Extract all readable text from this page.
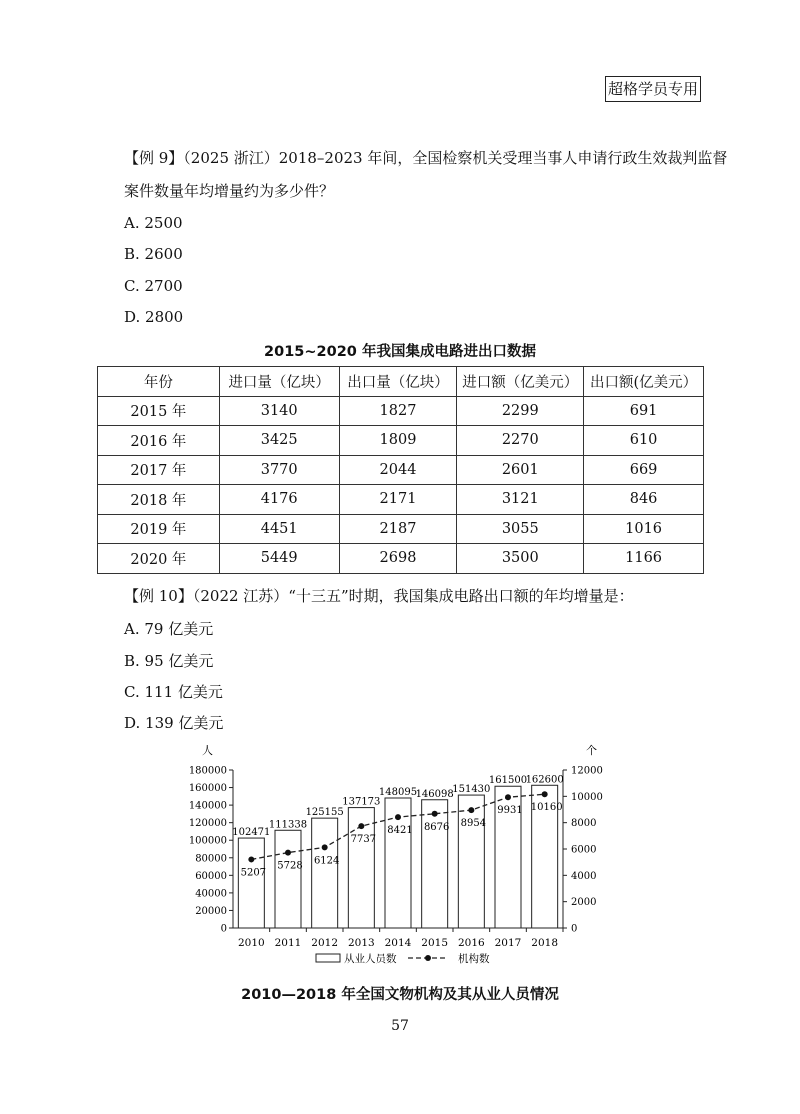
超格学员专用
【例 9】（2025 浙江）2018–2023 年间，全国检察机关受理当事人申请行政生效裁判监督
案件数量年均增量约为多少件？
A. 2500
B. 2600
C. 2700
D. 2800
2015~2020 年我国集成电路进出口数据
年份	进口量（亿块）	出口量（亿块）	进口额（亿美元）	出口额(亿美元）
2015 年	3140	1827	2299	691
2016 年	3425	1809	2270	610
2017 年	3770	2044	2601	669
2018 年	4176	2171	3121	846
2019 年	4451	2187	3055	1016
2020 年	5449	2698	3500	1166
【例 10】（2022 江苏）“十三五”时期，我国集成电路出口额的年均增量是：
A. 79 亿美元
B. 95 亿美元
C. 111 亿美元
D. 139 亿美元
人	个
0
20000
40000
60000
80000
100000
120000
140000
160000
180000
0
2000
4000
6000
8000
10000
12000
2010 2011 2012 2013 2014 2015 2016 2017 2018
102471
111338
125155
137173
148095
146098
151430
161500
162600
5207
5728 6124
7737
8421 8676 8954
9931 10160
从业人员数	机构数
2010—2018 年全国文物机构及其从业人员情况
57
